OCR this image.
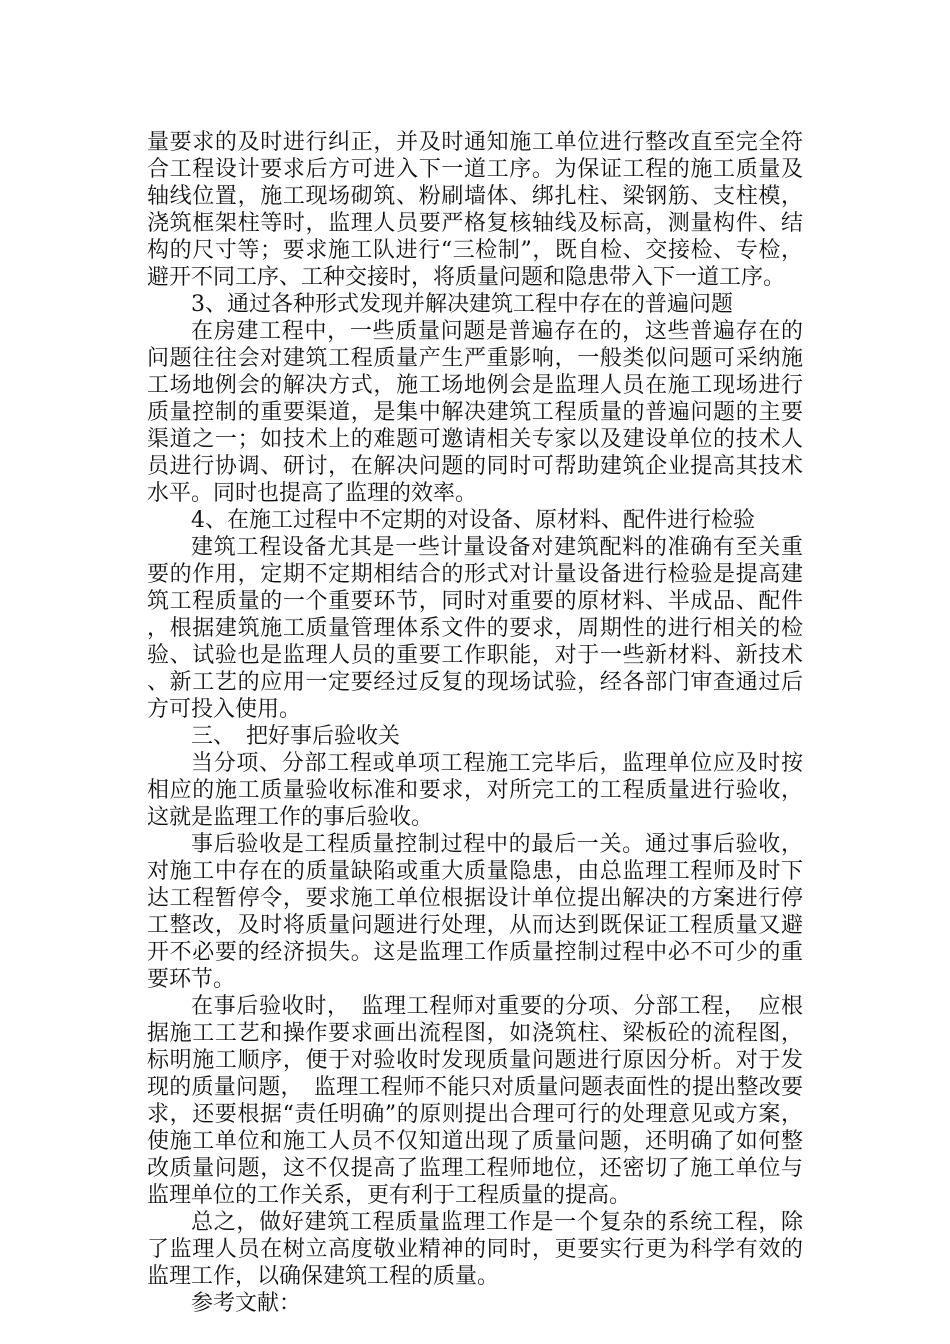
量要求的及时进行纠正，并及时通知施工单位进行整改直至完全符合工程设计要求后方可进入下一道工序。为保证工程的施工质量及轴线位置，施工现场砌筑、粉刷墙体、绑扎柱、梁钢筋、支柱模，浇筑框架柱等时，监理人员要严格复核轴线及标高，测量构件、结构的尺寸等；要求施工队进行“三检制”，既自检、交接检、专检，避开不同工序、工种交接时，将质量问题和隐患带入下一道工序。

3、通过各种形式发现并解决建筑工程中存在的普遍问题

在房建工程中，一些质量问题是普遍存在的，这些普遍存在的问题往往会对建筑工程质量产生严重影响，一般类似问题可采纳施工场地例会的解决方式，施工场地例会是监理人员在施工现场进行质量控制的重要渠道，是集中解决建筑工程质量的普遍问题的主要渠道之一；如技术上的难题可邀请相关专家以及建设单位的技术人员进行协调、研讨，在解决问题的同时可帮助建筑企业提高其技术水平。同时也提高了监理的效率。

4、在施工过程中不定期的对设备、原材料、配件进行检验

建筑工程设备尤其是一些计量设备对建筑配料的准确有至关重要的作用，定期不定期相结合的形式对计量设备进行检验是提高建筑工程质量的一个重要环节，同时对重要的原材料、半成品、配件，根据建筑施工质量管理体系文件的要求，周期性的进行相关的检验、试验也是监理人员的重要工作职能，对于一些新材料、新技术、新工艺的应用一定要经过反复的现场试验，经各部门审查通过后方可投入使用。

三、　把好事后验收关

当分项、分部工程或单项工程施工完毕后，监理单位应及时按相应的施工质量验收标准和要求，对所完工的工程质量进行验收，这就是监理工作的事后验收。

事后验收是工程质量控制过程中的最后一关。通过事后验收，对施工中存在的质量缺陷或重大质量隐患，由总监理工程师及时下达工程暂停令，要求施工单位根据设计单位提出解决的方案进行停工整改，及时将质量问题进行处理，从而达到既保证工程质量又避开不必要的经济损失。这是监理工作质量控制过程中必不可少的重要环节。

在事后验收时，　监理工程师对重要的分项、分部工程，　应根据施工工艺和操作要求画出流程图，如浇筑柱、梁板砼的流程图，标明施工顺序，便于对验收时发现质量问题进行原因分析。对于发现的质量问题，　监理工程师不能只对质量问题表面性的提出整改要求，还要根据“责任明确”的原则提出合理可行的处理意见或方案，使施工单位和施工人员不仅知道出现了质量问题，还明确了如何整改质量问题，这不仅提高了监理工程师地位，还密切了施工单位与监理单位的工作关系，更有利于工程质量的提高。

总之，做好建筑工程质量监理工作是一个复杂的系统工程，除了监理人员在树立高度敬业精神的同时，更要实行更为科学有效的监理工作，以确保建筑工程的质量。

参考文献：
